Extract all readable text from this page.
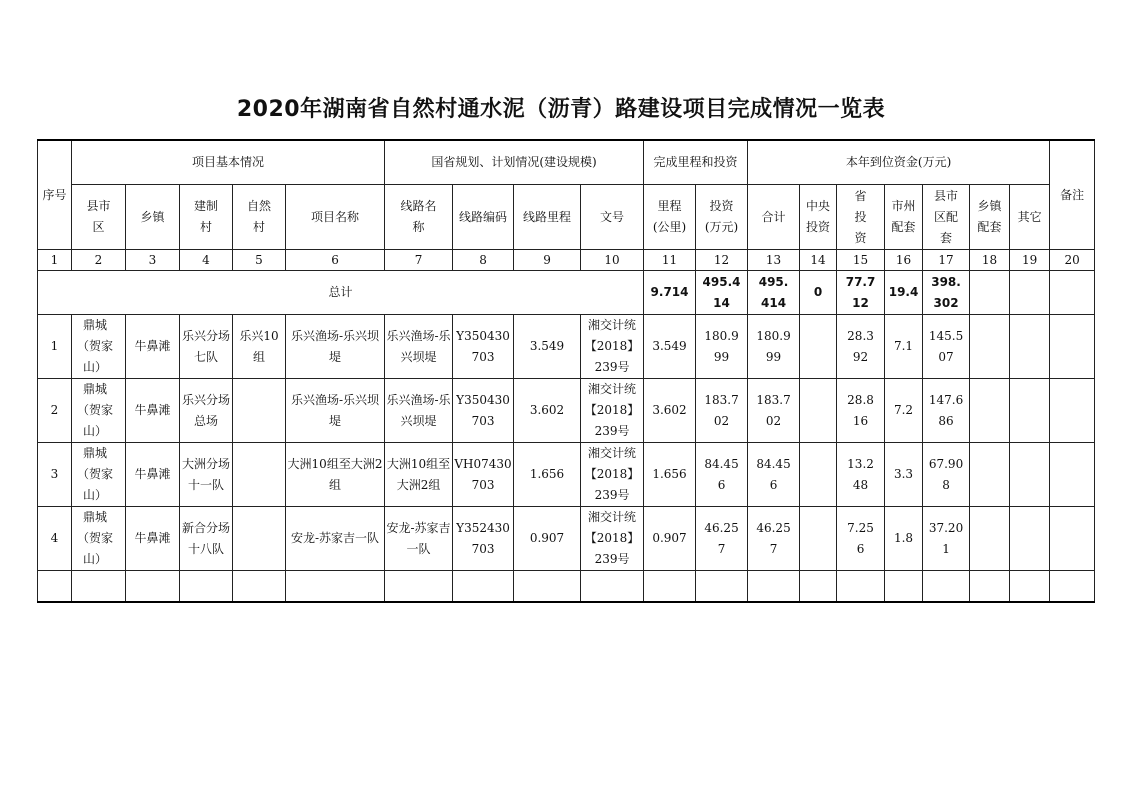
2020年湖南省自然村通水泥（沥青）路建设项目完成情况一览表
序号	项目基本情况					国省规划、计划情况(建设规模)				完成里程和投资		本年到位资金(万元)							备注
	县市区	乡镇	建制村	自然村	项目名称	线路名称	线路编码	线路里程	文号	里程(公里)	投资(万元)	合计	中央投资	省投资	市州配套	县市区配套	乡镇配套	其它	
1	2	3	4	5	6	7	8	9	10	11	12	13	14	15	16	17	18	19	20
总计										9.714	495.414	495.414	0	77.712	19.4	398.302			
1	鼎城（贺家山）	牛鼻滩	乐兴分场七队	乐兴10组	乐兴渔场-乐兴坝堤	乐兴渔场-乐兴坝堤	Y350430703	3.549	湘交计统【2018】239号	3.549	180.999	180.999		28.392	7.1	145.507			
2	鼎城（贺家山）	牛鼻滩	乐兴分场总场		乐兴渔场-乐兴坝堤	乐兴渔场-乐兴坝堤	Y350430703	3.602	湘交计统【2018】239号	3.602	183.702	183.702		28.816	7.2	147.686			
3	鼎城（贺家山）	牛鼻滩	大洲分场十一队		大洲10组至大洲2组	大洲10组至大洲2组	VH07430703	1.656	湘交计统【2018】239号	1.656	84.456	84.456		13.248	3.3	67.908			
4	鼎城（贺家山）	牛鼻滩	新合分场十八队		安龙-苏家吉一队	安龙-苏家吉一队	Y352430703	0.907	湘交计统【2018】239号	0.907	46.257	46.257		7.256	1.8	37.201			
